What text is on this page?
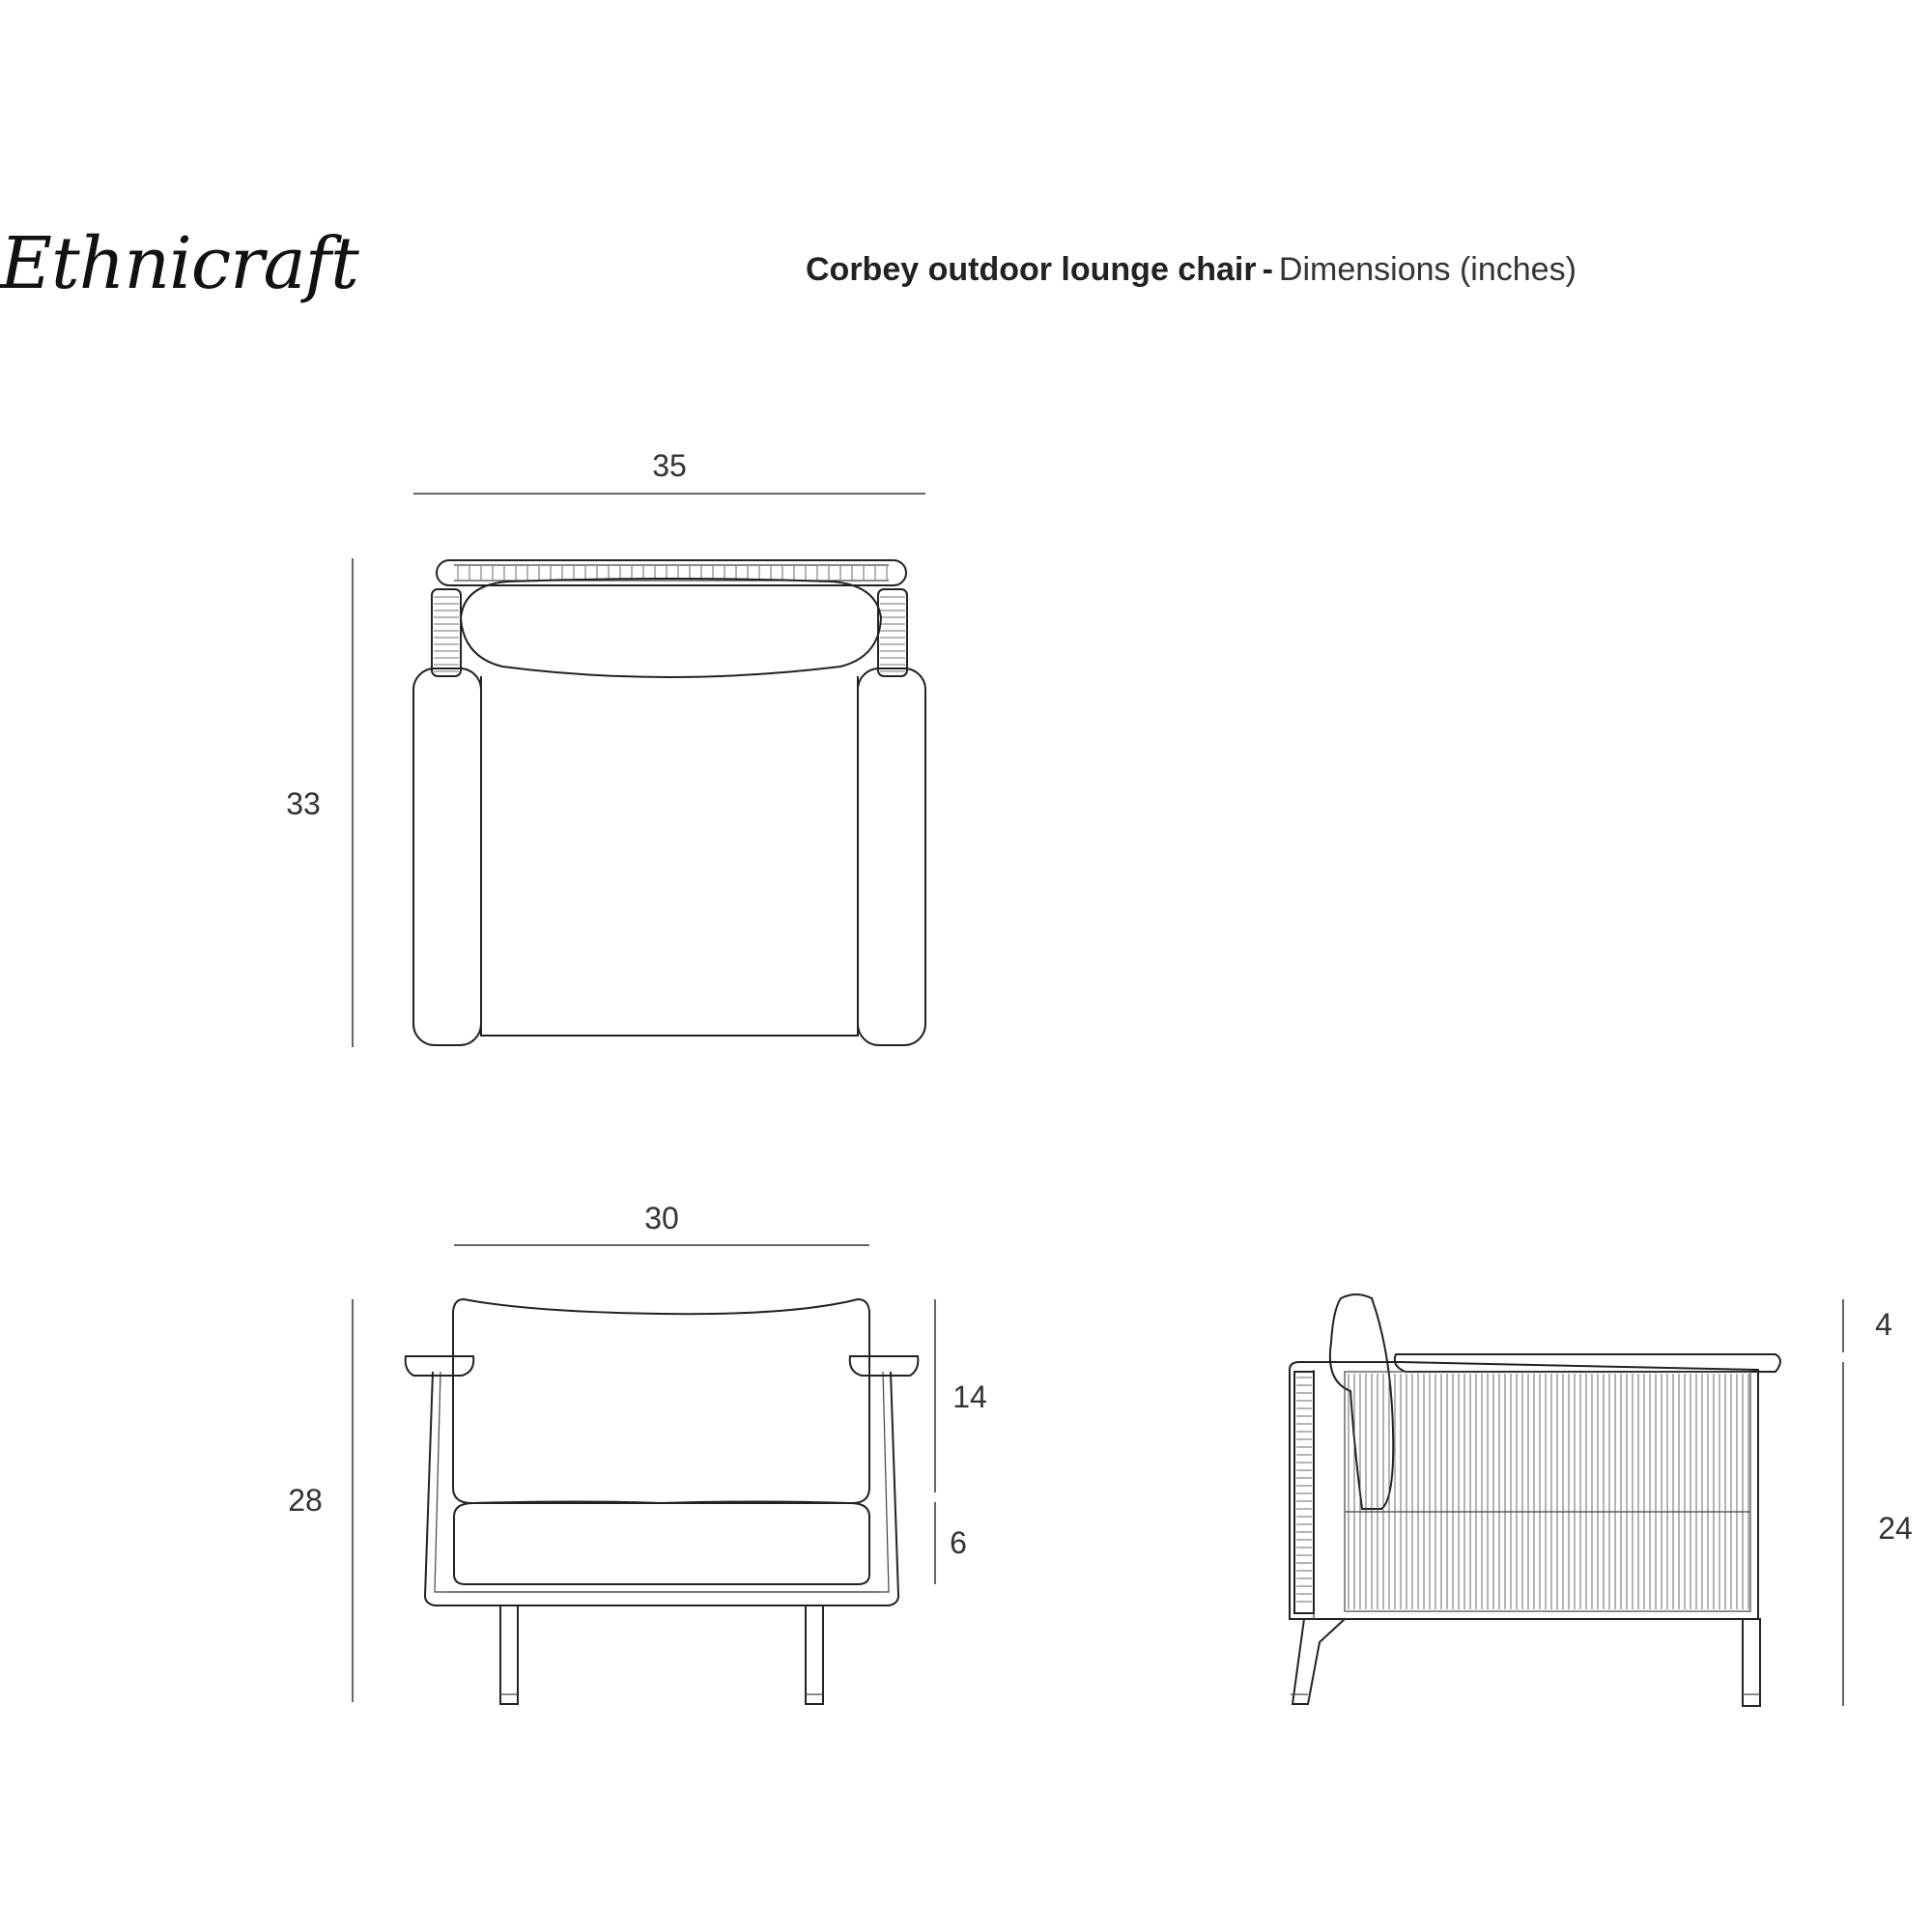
Ethnicraft	Corbey outdoor lounge chair - Dimensions (inches)
35
33
30
28
14
6
4
24
